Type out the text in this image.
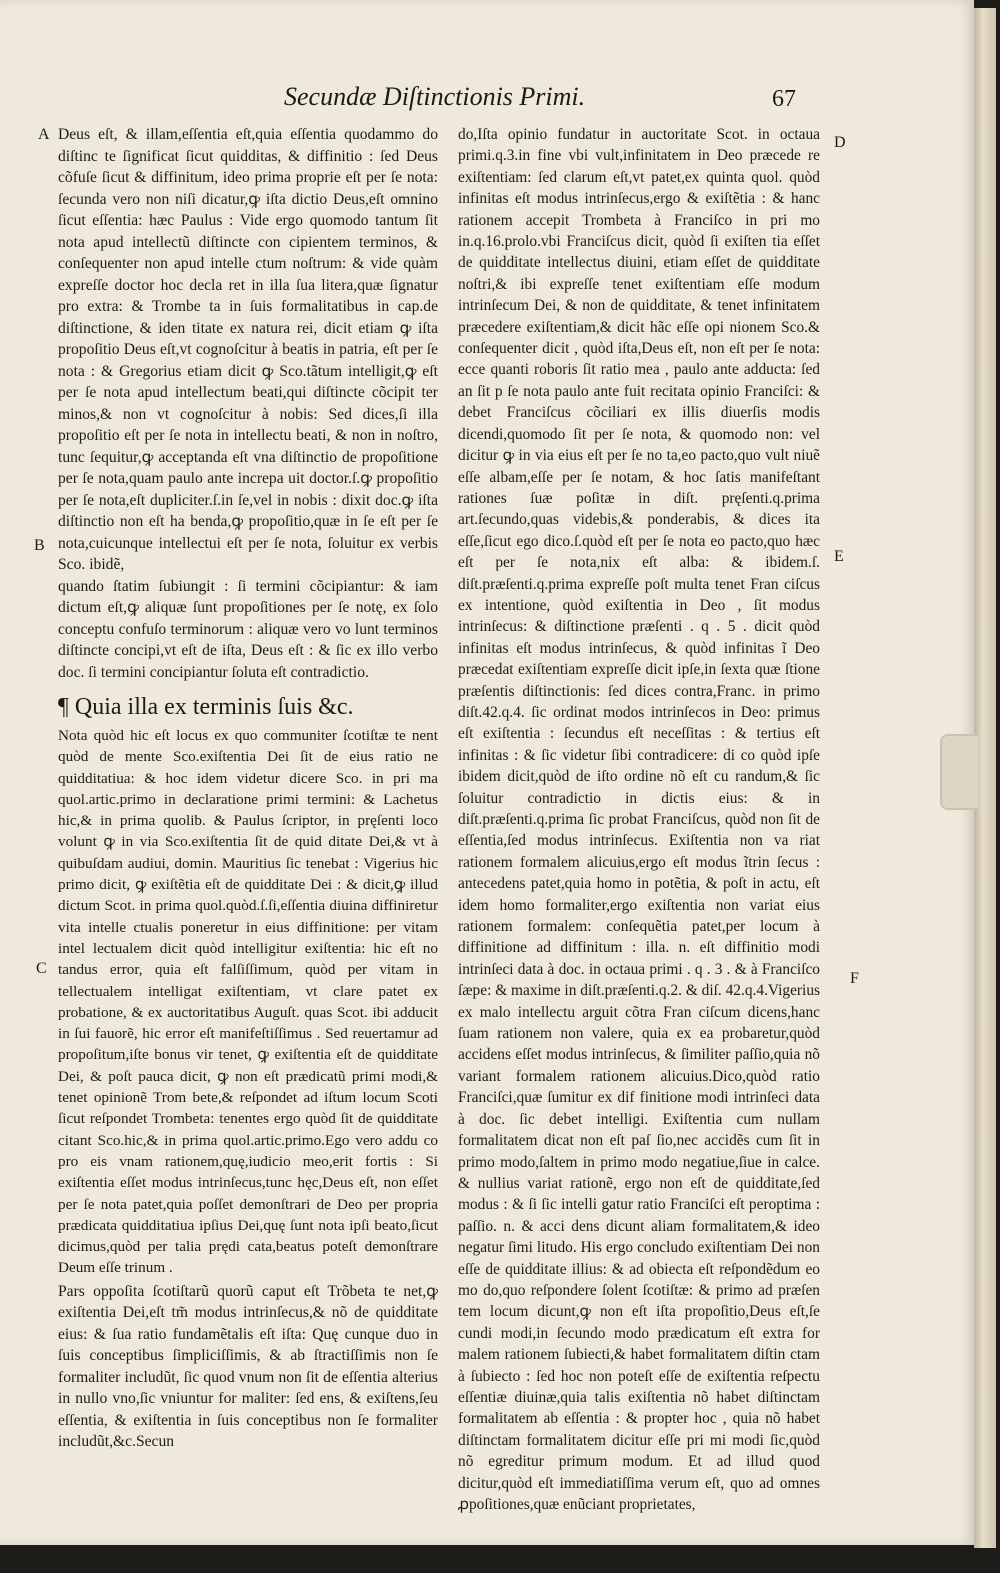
Secundæ Diſtinctionis Primi.	67
A
B
C
D
E
F

Deus eſt, & illam,eſſentia eſt,quia eſſentia quodammo do diſtinc te ſignificat ſicut quidditas, & diffinitio : ſed Deus cõfuſe ſicut & diffinitum, ideo prima proprie eſt per ſe nota: ſecunda vero non niſi dicatur,ꝙ iſta dictio Deus,eſt omnino ſicut eſſentia: hæc Paulus : Vide ergo quomodo tantum ſit nota apud intellectũ diſtincte con cipientem terminos, & conſequenter non apud intelle ctum noſtrum: & vide quàm expreſſe doctor hoc decla ret in illa ſua litera,quæ ſignatur pro extra: & Trombe ta in ſuis formalitatibus in cap.de diſtinctione, & iden titate ex natura rei, dicit etiam ꝙ iſta propoſitio Deus eſt,vt cognoſcitur à beatis in patria, eſt per ſe nota : & Gregorius etiam dicit ꝙ Sco.tãtum intelligit,ꝙ eſt per ſe nota apud intellectum beati,qui diſtincte cõcipit ter minos,& non vt cognoſcitur à nobis: Sed dices,ſi illa propoſitio eſt per ſe nota in intellectu beati, & non in noſtro, tunc ſequitur,ꝙ acceptanda eſt vna diſtinctio de propoſitione per ſe nota,quam paulo ante increpa uit doctor.ſ.ꝙ propoſitio per ſe nota,eſt dupliciter.ſ.in ſe,vel in nobis : dixit doc.ꝙ iſta diſtinctio non eſt ha benda,ꝙ propoſitio,quæ in ſe eſt per ſe nota,cuicunque intellectui eſt per ſe nota, ſoluitur ex verbis Sco. ibidẽ,

quando ſtatim ſubiungit : ſi termini cõcipiantur: & iam dictum eſt,ꝙ aliquæ ſunt propoſitiones per ſe notę, ex ſolo conceptu confuſo terminorum : aliquæ vero vo lunt terminos diſtincte concipi,vt eſt de iſta, Deus eſt : & ſic ex illo verbo doc. ſi termini concipiantur ſoluta eſt contradictio.

¶ Quia illa ex terminis ſuis &c.

Nota quòd hic eſt locus ex quo communiter ſcotiſtæ te nent quòd de mente Sco.exiſtentia Dei ſit de eius ratio ne quidditatiua: & hoc idem videtur dicere Sco. in pri ma quol.artic.primo in declaratione primi termini: & Lachetus hic,& in prima quolib. & Paulus ſcriptor, in pręſenti loco volunt ꝙ in via Sco.exiſtentia ſit de quid ditate Dei,& vt à quibuſdam audiui, domin. Mauritius ſic tenebat : Vigerius hic primo dicit, ꝙ exiſtẽtia eſt de quidditate Dei : & dicit,ꝙ illud dictum Scot. in prima quol.quòd.ſ.ſi,eſſentia diuina diffiniretur vita intelle ctualis poneretur in eius diffinitione: per vitam intel lectualem dicit quòd intelligitur exiſtentia: hic eſt no tandus error, quia eſt falſiſſimum, quòd per vitam in tellectualem intelligat exiſtentiam, vt clare patet ex probatione, & ex auctoritatibus Auguſt. quas Scot. ibi adducit in ſui fauorẽ, hic error eſt manifeſtiſſimus . Sed reuertamur ad propoſitum,iſte bonus vir tenet, ꝙ exiſtentia eſt de quidditate Dei, & poſt pauca dicit, ꝙ non eſt prædicatũ primi modi,& tenet opinionẽ Trom bete,& reſpondet ad iſtum locum Scoti ſicut reſpondet Trombeta: tenentes ergo quòd ſit de quidditate citant Sco.hic,& in prima quol.artic.primo.Ego vero addu co pro eis vnam rationem,quę,iudicio meo,erit fortis : Si exiſtentia eſſet modus intrinſecus,tunc hęc,Deus eſt, non eſſet per ſe nota patet,quia poſſet demonſtrari de Deo per propria prædicata quidditatiua ipſius Dei,quę ſunt nota ipſi beato,ſicut dicimus,quòd per talia prędi cata,beatus poteſt demonſtrare Deum eſſe trinum .

Pars oppoſita ſcotiſtarũ quorũ caput eſt Trõbeta te net,ꝙ exiſtentia Dei,eſt tm̃ modus intrinſecus,& nõ de quidditate eius: & ſua ratio fundamẽtalis eſt iſta: Quę cunque duo in ſuis conceptibus ſimpliciſſimis, & ab ſtractiſſimis non ſe formaliter includũt, ſic quod vnum non ſit de eſſentia alterius in nullo vno,ſic vniuntur for maliter: ſed ens, & exiſtens,ſeu eſſentia, & exiſtentia in ſuis conceptibus non ſe formaliter includũt,&c.Secun

do,Iſta opinio fundatur in auctoritate Scot. in octaua primi.q.3.in fine vbi vult,infinitatem in Deo præcede re exiſtentiam: ſed clarum eſt,vt patet,ex quinta quol. quòd infinitas eſt modus intrinſecus,ergo & exiſtẽtia : & hanc rationem accepit Trombeta à Franciſco in pri mo in.q.16.prolo.vbi Franciſcus dicit, quòd ſi exiſten tia eſſet de quidditate intellectus diuini, etiam eſſet de quidditate noſtri,& ibi expreſſe tenet exiſtentiam eſſe modum intrinſecum Dei, & non de quidditate, & tenet infinitatem præcedere exiſtentiam,& dicit hãc eſſe opi nionem Sco.& conſequenter dicit , quòd iſta,Deus eſt, non eſt per ſe nota: ecce quanti roboris ſit ratio mea , paulo ante adducta: ſed an ſit p ſe nota paulo ante fuit recitata opinio Franciſci: & debet Franciſcus cõciliari ex illis diuerſis modis dicendi,quomodo ſit per ſe nota, & quomodo non: vel dicitur ꝙ in via eius eſt per ſe no ta,eo pacto,quo vult niuẽ eſſe albam,eſſe per ſe notam, & hoc ſatis manifeſtant rationes ſuæ poſitæ in diſt. pręſenti.q.prima art.ſecundo,quas videbis,& ponderabis, & dices ita eſſe,ſicut ego dico.ſ.quòd eſt per ſe nota eo pacto,quo hæc eſt per ſe nota,nix eſt alba: & ibidem.ſ. diſt.præſenti.q.prima expreſſe poſt multa tenet Fran ciſcus ex intentione, quòd exiſtentia in Deo , ſit modus intrinſecus: & diſtinctione præſenti . q . 5 . dicit quòd infinitas eſt modus intrinſecus, & quòd infinitas ĩ Deo præcedat exiſtentiam expreſſe dicit ipſe,in ſexta quæ ſtione præſentis diſtinctionis: ſed dices contra,Franc. in primo diſt.42.q.4. ſic ordinat modos intrinſecos in Deo: primus eſt exiſtentia : ſecundus eſt neceſſitas : & tertius eſt infinitas : & ſic videtur ſibi contradicere: di co quòd ipſe ibidem dicit,quòd de iſto ordine nõ eſt cu randum,& ſic ſoluitur contradictio in dictis eius: & in diſt.præſenti.q.prima ſic probat Franciſcus, quòd non ſit de eſſentia,ſed modus intrinſecus. Exiſtentia non va riat rationem formalem alicuius,ergo eſt modus ĩtrin ſecus : antecedens patet,quia homo in potẽtia, & poſt in actu, eſt idem homo formaliter,ergo exiſtentia non variat eius rationem formalem: conſequẽtia patet,per locum à diffinitione ad diffinitum : illa. n. eſt diffinitio modi intrinſeci data à doc. in octaua primi . q . 3 . & à Franciſco ſæpe: & maxime in diſt.præſenti.q.2. & diſ. 42.q.4.Vigerius ex malo intellectu arguit cõtra Fran ciſcum dicens,hanc ſuam rationem non valere, quia ex ea probaretur,quòd accidens eſſet modus intrinſecus, & ſimiliter paſſio,quia nõ variant formalem rationem alicuius.Dico,quòd ratio Franciſci,quæ ſumitur ex dif finitione modi intrinſeci data à doc. ſic debet intelligi. Exiſtentia cum nullam formalitatem dicat non eſt paſ ſio,nec accidẽs cum ſit in primo modo,ſaltem in primo modo negatiue,ſiue in calce. & nullius variat rationẽ, ergo non eſt de quidditate,ſed modus : & ſi ſic intelli gatur ratio Franciſci eſt peroptima : paſſio. n. & acci dens dicunt aliam formalitatem,& ideo negatur ſimi litudo. His ergo concludo exiſtentiam Dei non eſſe de quidditate illius: & ad obiecta eſt reſpondẽdum eo mo do,quo reſpondere ſolent ſcotiſtæ: & primo ad præſen tem locum dicunt,ꝙ non eſt iſta propoſitio,Deus eſt,ſe cundi modi,in ſecundo modo prædicatum eſt extra for malem rationem ſubiecti,& habet formalitatem diſtin ctam à ſubiecto : ſed hoc non poteſt eſſe de exiſtentia reſpectu eſſentiæ diuinæ,quia talis exiſtentia nõ habet diſtinctam formalitatem ab eſſentia : & propter hoc , quia nõ habet diſtinctam formalitatem dicitur eſſe pri mi modi ſic,quòd nõ egreditur primum modum. Et ad illud quod dicitur,quòd eſt immediatiſſima verum eſt, quo ad omnes ꝓpoſitiones,quæ enũciant proprietates,
